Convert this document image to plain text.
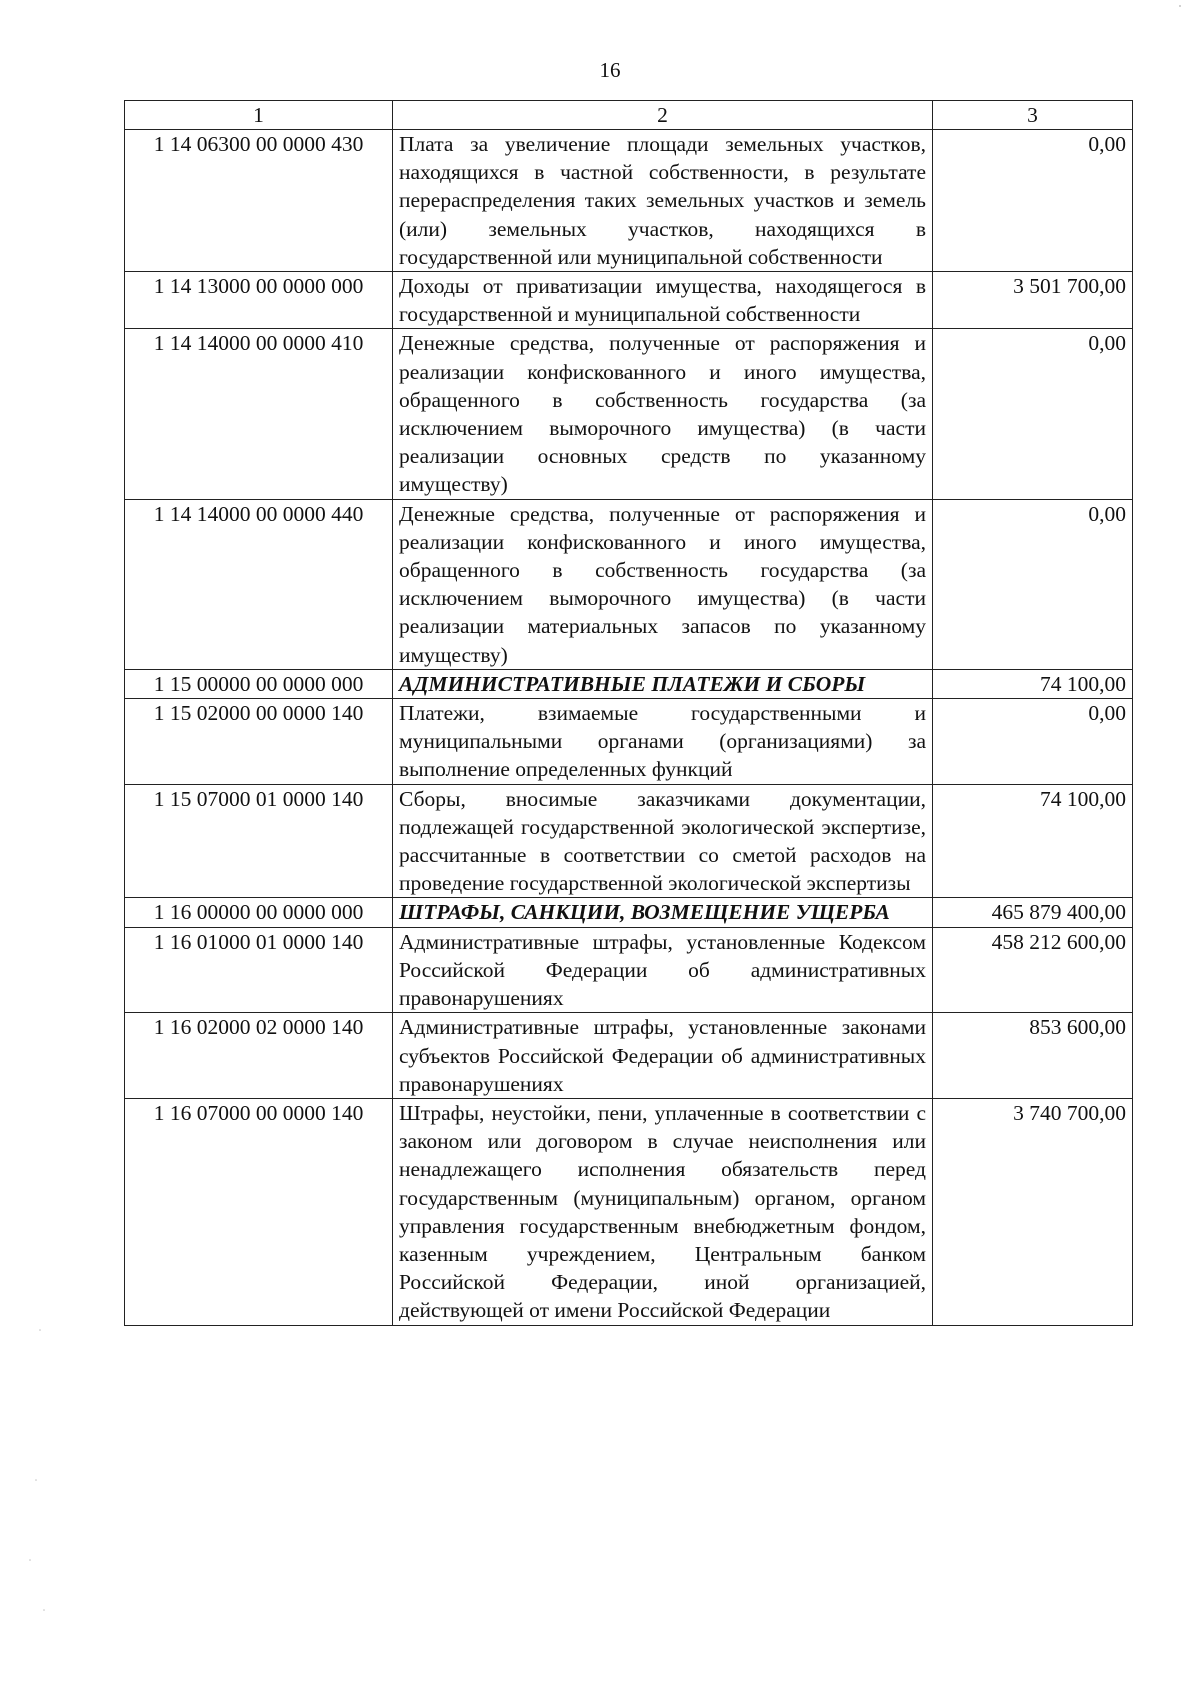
16
1	2	3
1 14 06300 00 0000 430	Плата за увеличение площади земельных участков, находящихся в частной собственности, в результате перераспределения таких земельных участков и земель (или) земельных участков, находящихся в государственной или муниципальной собственности	0,00
1 14 13000 00 0000 000	Доходы от приватизации имущества, находящегося в государственной и муниципальной собственности	3 501 700,00
1 14 14000 00 0000 410	Денежные средства, полученные от распоряжения и реализации конфискованного и иного имущества, обращенного в собственность государства (за исключением выморочного имущества) (в части реализации основных средств по указанному имуществу)	0,00
1 14 14000 00 0000 440	Денежные средства, полученные от распоряжения и реализации конфискованного и иного имущества, обращенного в собственность государства (за исключением выморочного имущества) (в части реализации материальных запасов по указанному имуществу)	0,00
1 15 00000 00 0000 000	АДМИНИСТРАТИВНЫЕ ПЛАТЕЖИ И СБОРЫ	74 100,00
1 15 02000 00 0000 140	Платежи, взимаемые государственными и муниципальными органами (организациями) за выполнение определенных функций	0,00
1 15 07000 01 0000 140	Сборы, вносимые заказчиками документации, подлежащей государственной экологической экспертизе, рассчитанные в соответствии со сметой расходов на проведение государственной экологической экспертизы	74 100,00
1 16 00000 00 0000 000	ШТРАФЫ, САНКЦИИ, ВОЗМЕЩЕНИЕ УЩЕРБА	465 879 400,00
1 16 01000 01 0000 140	Административные штрафы, установленные Кодексом Российской Федерации об административных правонарушениях	458 212 600,00
1 16 02000 02 0000 140	Административные штрафы, установленные законами субъектов Российской Федерации об административных правонарушениях	853 600,00
1 16 07000 00 0000 140	Штрафы, неустойки, пени, уплаченные в соответствии с законом или договором в случае неисполнения или ненадлежащего исполнения обязательств перед государственным (муниципальным) органом, органом управления государственным внебюджетным фондом, казенным учреждением, Центральным банком Российской Федерации, иной организацией, действующей от имени Российской Федерации	3 740 700,00
